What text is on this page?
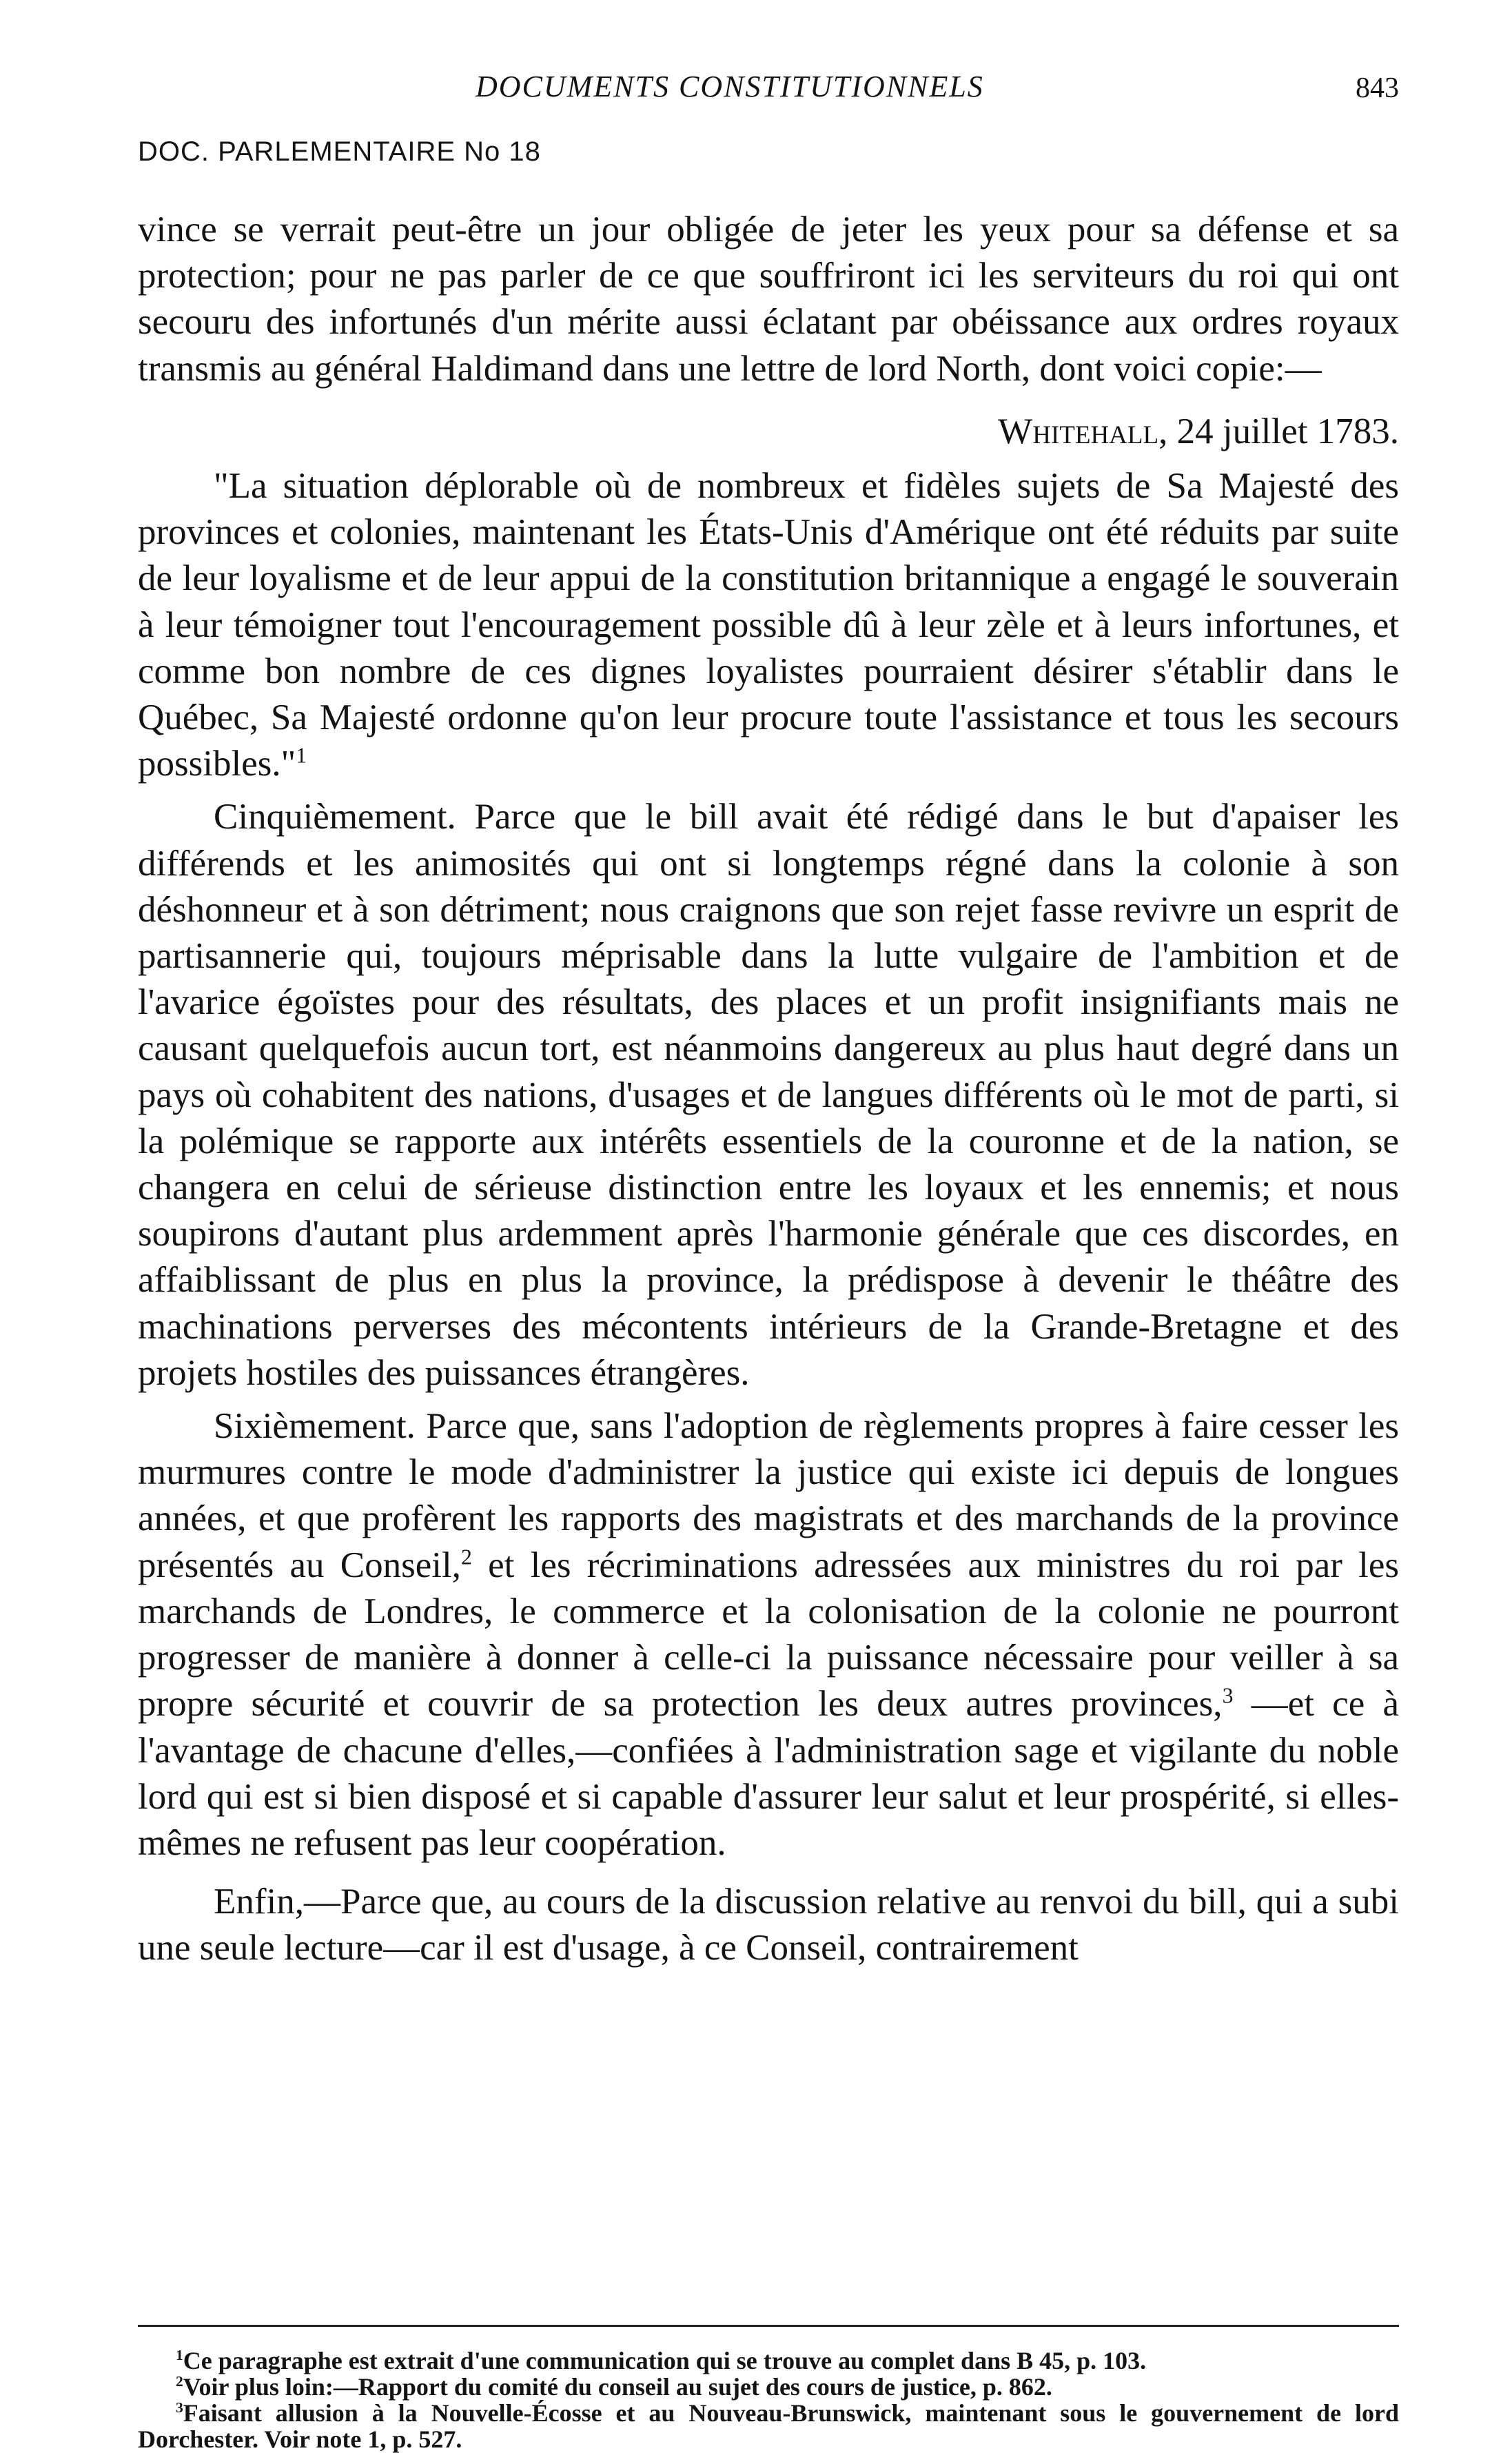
DOCUMENTS CONSTITUTIONNELS	843
DOC. PARLEMENTAIRE No 18

vince se verrait peut-être un jour obligée de jeter les yeux pour sa défense et sa protection; pour ne pas parler de ce que souffriront ici les serviteurs du roi qui ont secouru des infortunés d'un mérite aussi éclatant par obéissance aux ordres royaux transmis au général Haldimand dans une lettre de lord North, dont voici copie:—

Whitehall, 24 juillet 1783.

"La situation déplorable où de nombreux et fidèles sujets de Sa Majesté des provinces et colonies, maintenant les États-Unis d'Amérique ont été réduits par suite de leur loyalisme et de leur appui de la constitution britannique a engagé le souverain à leur témoigner tout l'encouragement possible dû à leur zèle et à leurs infortunes, et comme bon nombre de ces dignes loyalistes pourraient désirer s'établir dans le Québec, Sa Majesté ordonne qu'on leur procure toute l'assistance et tous les secours possibles."$^1$

Cinquièmement. Parce que le bill avait été rédigé dans le but d'apaiser les différends et les animosités qui ont si longtemps régné dans la colonie à son déshonneur et à son détriment; nous craignons que son rejet fasse revivre un esprit de partisannerie qui, toujours méprisable dans la lutte vulgaire de l'ambition et de l'avarice égoïstes pour des résultats, des places et un profit insignifiants mais ne causant quelquefois aucun tort, est néanmoins dangereux au plus haut degré dans un pays où cohabitent des nations, d'usages et de langues différents où le mot de parti, si la polémique se rapporte aux intérêts essentiels de la couronne et de la nation, se changera en celui de sérieuse distinction entre les loyaux et les ennemis; et nous soupirons d'autant plus ardemment après l'harmonie générale que ces discordes, en affaiblissant de plus en plus la province, la prédispose à devenir le théâtre des machinations perverses des mécontents intérieurs de la Grande-Bretagne et des projets hostiles des puissances étrangères.

Sixièmement. Parce que, sans l'adoption de règlements propres à faire cesser les murmures contre le mode d'administrer la justice qui existe ici depuis de longues années, et que profèrent les rapports des magistrats et des marchands de la province présentés au Conseil,$^2$ et les récriminations adressées aux ministres du roi par les marchands de Londres, le commerce et la colonisation de la colonie ne pourront progresser de manière à donner à celle-ci la puissance nécessaire pour veiller à sa propre sécurité et couvrir de sa protection les deux autres provinces,$^3$ —et ce à l'avantage de chacune d'elles,—confiées à l'administration sage et vigilante du noble lord qui est si bien disposé et si capable d'assurer leur salut et leur prospérité, si elles-mêmes ne refusent pas leur coopération.

Enfin,—Parce que, au cours de la discussion relative au renvoi du bill, qui a subi une seule lecture—car il est d'usage, à ce Conseil, contrairement

$^1$Ce paragraphe est extrait d'une communication qui se trouve au complet dans B 45, p. 103.

$^2$Voir plus loin:—Rapport du comité du conseil au sujet des cours de justice, p. 862.

$^3$Faisant allusion à la Nouvelle-Écosse et au Nouveau-Brunswick, maintenant sous le gouvernement de lord Dorchester. Voir note 1, p. 527.
